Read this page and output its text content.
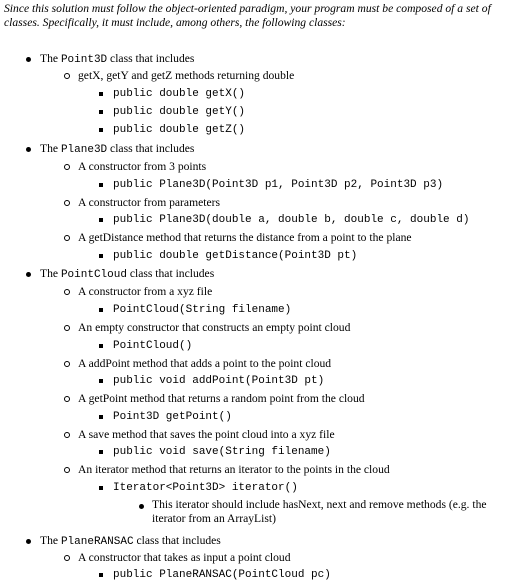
Since this solution must follow the object-oriented paradigm, your program must be composed of a set of classes. Specifically, it must include, among others, the following classes:
The Point3D class that includes
getX, getY and getZ methods returning double
public double getX()
public double getY()
public double getZ()
The Plane3D class that includes
A constructor from 3 points
public Plane3D(Point3D p1, Point3D p2, Point3D p3)
A constructor from parameters
public Plane3D(double a, double b, double c, double d)
A getDistance method that returns the distance from a point to the plane
public double getDistance(Point3D pt)
The PointCloud class that includes
A constructor from a xyz file
PointCloud(String filename)
An empty constructor that constructs an empty point cloud
PointCloud()
A addPoint method that adds a point to the point cloud
public void addPoint(Point3D pt)
A getPoint method that returns a random point from the cloud
Point3D getPoint()
A save method that saves the point cloud into a xyz file
public void save(String filename)
An iterator method that returns an iterator to the points in the cloud
Iterator<Point3D> iterator()
This iterator should include hasNext, next and remove methods (e.g. the iterator from an ArrayList)
The PlaneRANSAC class that includes
A constructor that takes as input a point cloud
public PlaneRANSAC(PointCloud pc)
